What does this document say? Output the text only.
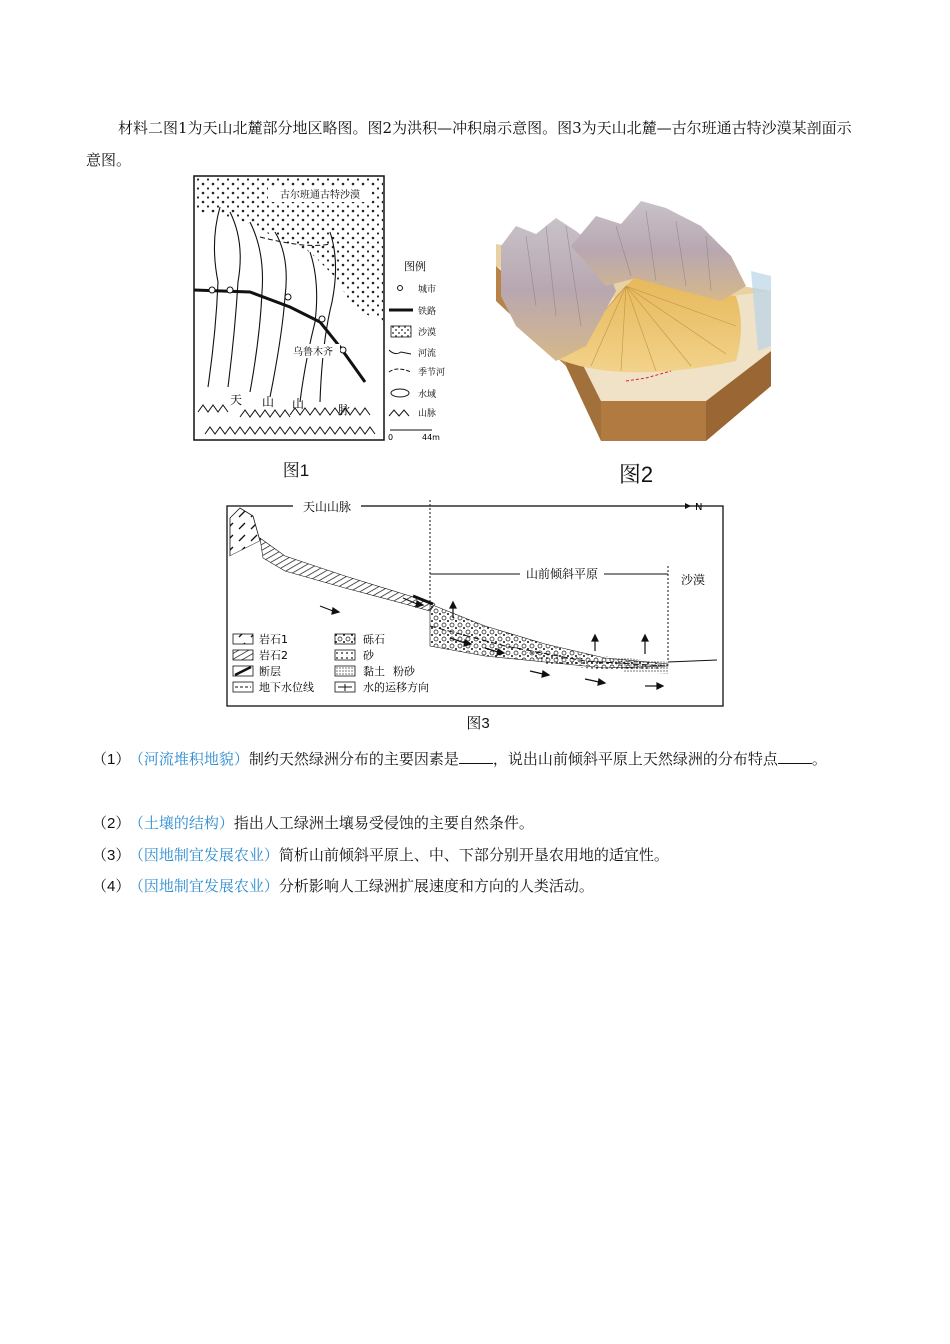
材料二图1为天山北麓部分地区略图。图2为洪积—冲积扇示意图。图3为天山北麓—古尔班通古特沙漠某剖面示意图。

古尔班通古特沙漠
乌鲁木齐
天 山 山	脉
图例
城市
铁路
沙漠
河流
季节河
水域
山脉
0	44m
图1	图2
天山山脉
山前倾斜平原	沙漠
N
岩石1
岩石2
断层
地下水位线
砾石
砂
黏土 粉砂
水的运移方向
图3
（1） （河流堆积地貌）制约天然绿洲分布的主要因素是 ，说出山前倾斜平原上天然绿洲的分布特点 。
（2） （土壤的结构）指出人工绿洲土壤易受侵蚀的主要自然条件。
（3） （因地制宜发展农业）简析山前倾斜平原上、中、下部分别开垦农用地的适宜性。
（4） （因地制宜发展农业）分析影响人工绿洲扩展速度和方向的人类活动。
